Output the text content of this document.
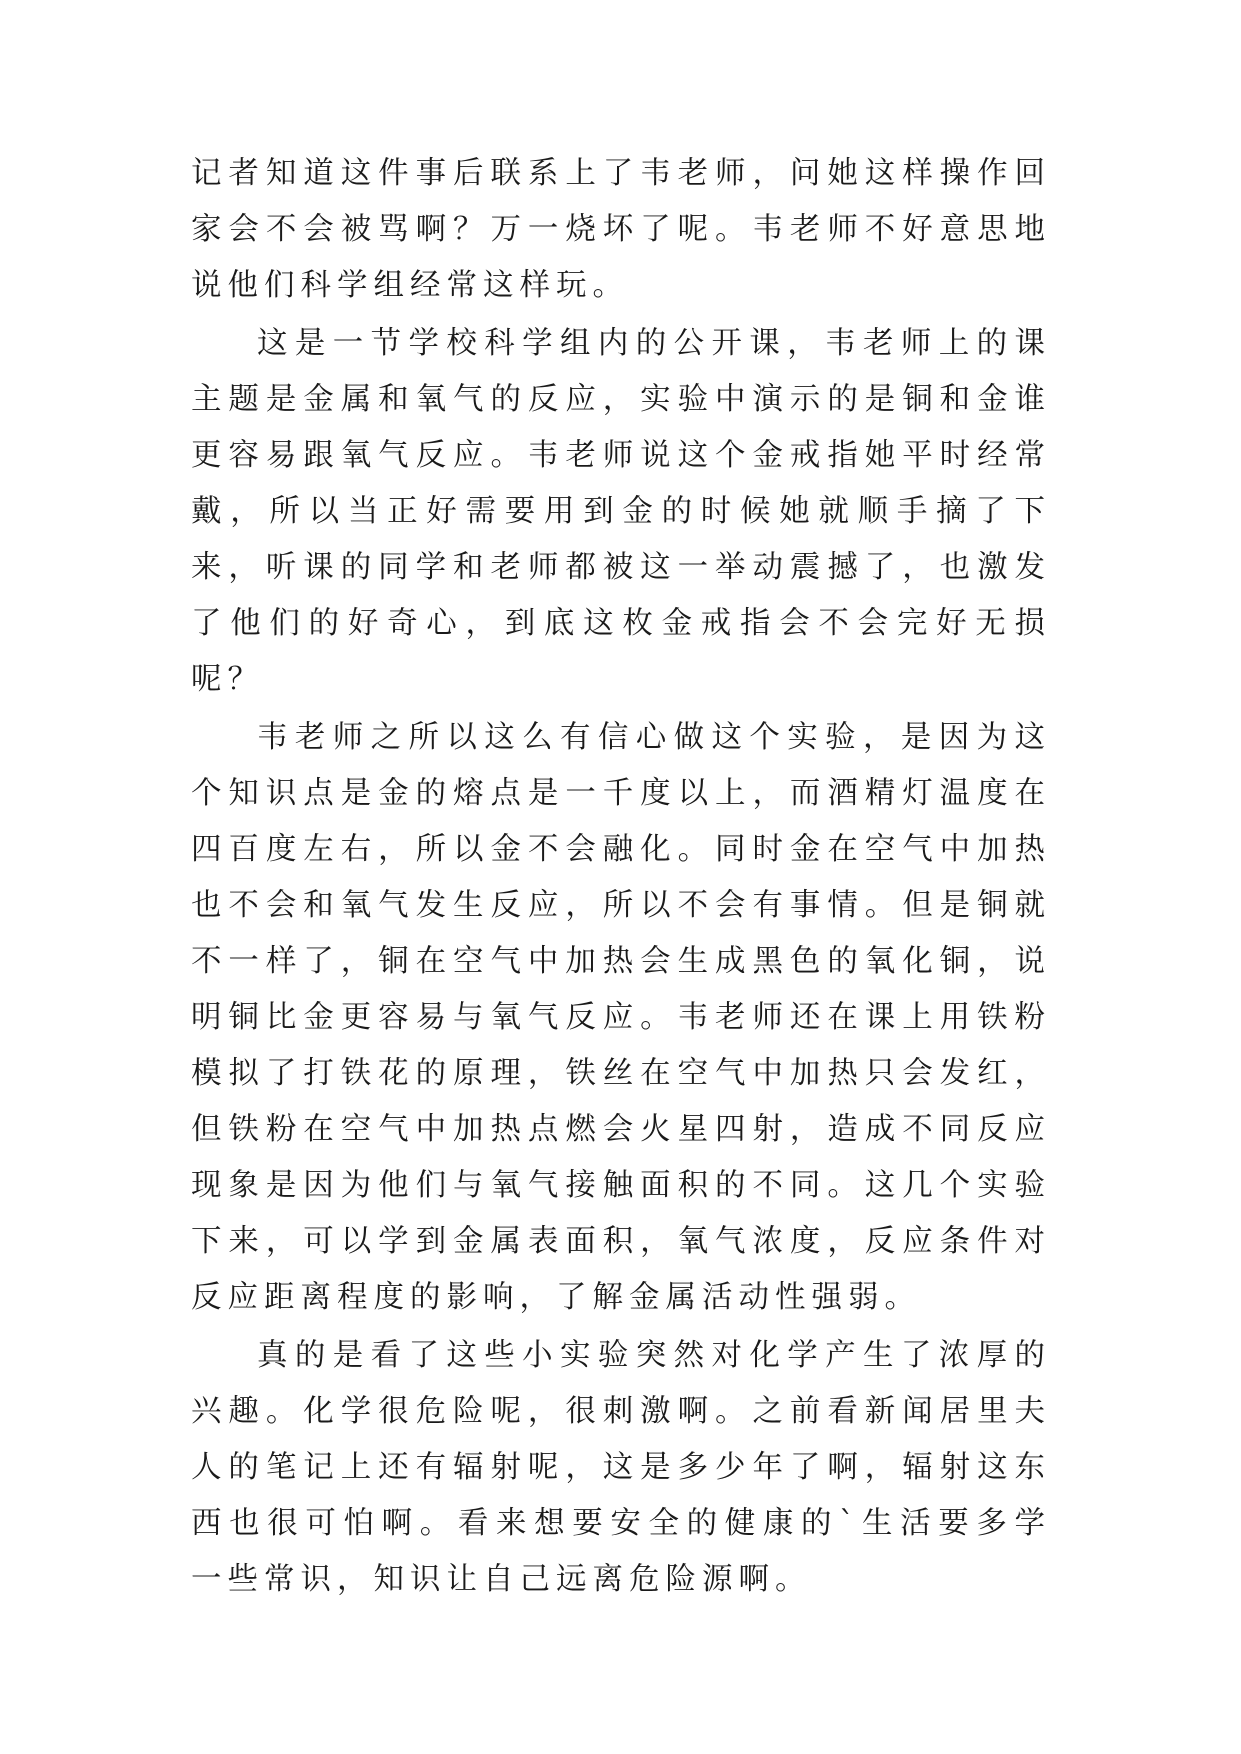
记者知道这件事后联系上了韦老师，问她这样操作回家会不会被骂啊？万一烧坏了呢。韦老师不好意思地说他们科学组经常这样玩。

这是一节学校科学组内的公开课，韦老师上的课主题是金属和氧气的反应，实验中演示的是铜和金谁更容易跟氧气反应。韦老师说这个金戒指她平时经常戴，所以当正好需要用到金的时候她就顺手摘了下来，听课的同学和老师都被这一举动震撼了，也激发了他们的好奇心，到底这枚金戒指会不会完好无损呢？

韦老师之所以这么有信心做这个实验，是因为这个知识点是金的熔点是一千度以上，而酒精灯温度在四百度左右，所以金不会融化。同时金在空气中加热也不会和氧气发生反应，所以不会有事情。但是铜就不一样了，铜在空气中加热会生成黑色的氧化铜，说明铜比金更容易与氧气反应。韦老师还在课上用铁粉模拟了打铁花的原理，铁丝在空气中加热只会发红，但铁粉在空气中加热点燃会火星四射，造成不同反应现象是因为他们与氧气接触面积的不同。这几个实验下来，可以学到金属表面积，氧气浓度，反应条件对反应距离程度的影响，了解金属活动性强弱。

真的是看了这些小实验突然对化学产生了浓厚的兴趣。化学很危险呢，很刺激啊。之前看新闻居里夫人的笔记上还有辐射呢，这是多少年了啊，辐射这东西也很可怕啊。看来想要安全的健康的`生活要多学一些常识，知识让自己远离危险源啊。
